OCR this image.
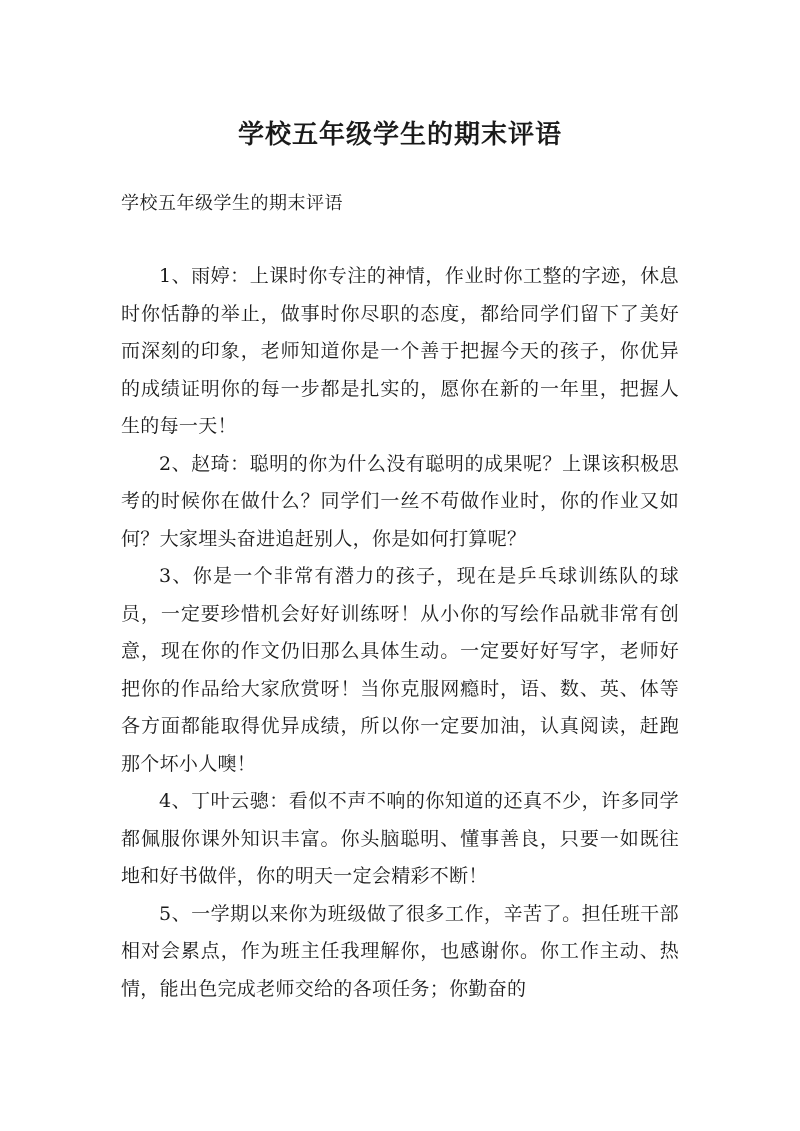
学校五年级学生的期末评语
学校五年级学生的期末评语

1、雨婷：上课时你专注的神情，作业时你工整的字迹，休息时你恬静的举止，做事时你尽职的态度，都给同学们留下了美好而深刻的印象，老师知道你是一个善于把握今天的孩子，你优异的成绩证明你的每一步都是扎实的，愿你在新的一年里，把握人生的每一天！

2、赵琦：聪明的你为什么没有聪明的成果呢？上课该积极思考的时候你在做什么？同学们一丝不苟做作业时，你的作业又如何？大家埋头奋进追赶别人，你是如何打算呢？

3、你是一个非常有潜力的孩子，现在是乒乓球训练队的球员，一定要珍惜机会好好训练呀！从小你的写绘作品就非常有创意，现在你的作文仍旧那么具体生动。一定要好好写字，老师好把你的作品给大家欣赏呀！当你克服网瘾时，语、数、英、体等各方面都能取得优异成绩，所以你一定要加油，认真阅读，赶跑那个坏小人噢！

4、丁叶云骢：看似不声不响的你知道的还真不少，许多同学都佩服你课外知识丰富。你头脑聪明、懂事善良，只要一如既往地和好书做伴，你的明天一定会精彩不断！

5、一学期以来你为班级做了很多工作，辛苦了。担任班干部相对会累点，作为班主任我理解你，也感谢你。你工作主动、热情，能出色完成老师交给的各项任务；你勤奋的
